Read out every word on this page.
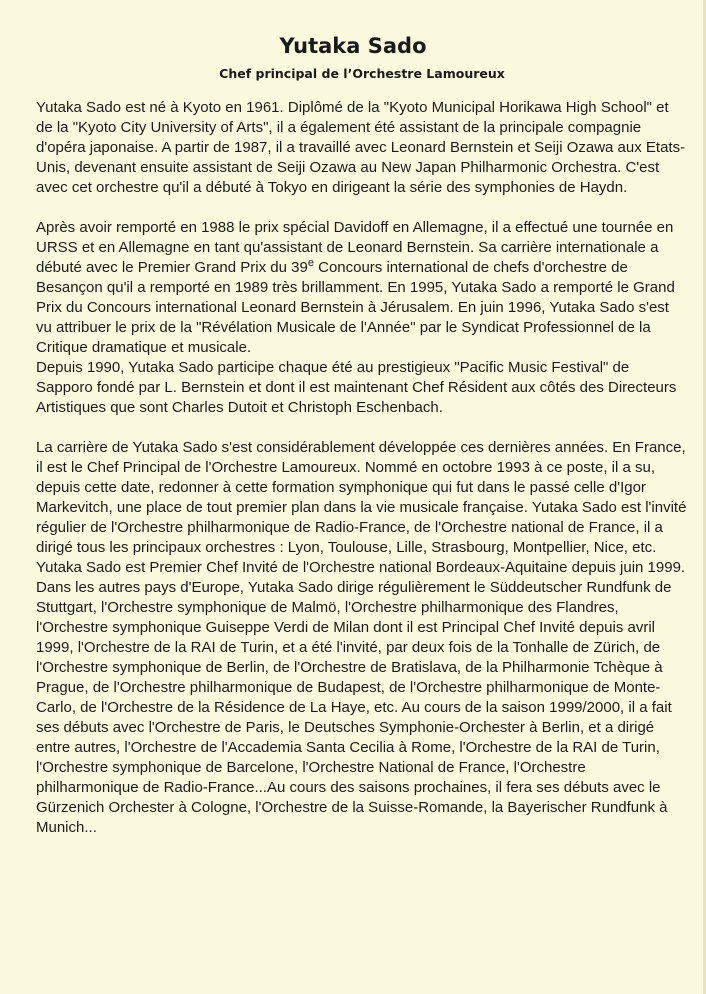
Yutaka Sado
Chef principal de l’Orchestre Lamoureux

Yutaka Sado est né à Kyoto en 1961. Diplômé de la "Kyoto Municipal Horikawa High School" et de la "Kyoto City University of Arts", il a également été assistant de la principale compagnie d'opéra japonaise. A partir de 1987, il a travaillé avec Leonard Bernstein et Seiji Ozawa aux Etats-Unis, devenant ensuite assistant de Seiji Ozawa au New Japan Philharmonic Orchestra. C'est avec cet orchestre qu'il a débuté à Tokyo en dirigeant la série des symphonies de Haydn.

Après avoir remporté en 1988 le prix spécial Davidoff en Allemagne, il a effectué une tournée en URSS et en Allemagne en tant qu'assistant de Leonard Bernstein. Sa carrière internationale a débuté avec le Premier Grand Prix du 39e Concours international de chefs d'orchestre de Besançon qu'il a remporté en 1989 très brillamment. En 1995, Yutaka Sado a remporté le Grand Prix du Concours international Leonard Bernstein à Jérusalem. En juin 1996, Yutaka Sado s'est vu attribuer le prix de la "Révélation Musicale de l'Année" par le Syndicat Professionnel de la Critique dramatique et musicale.

Depuis 1990, Yutaka Sado participe chaque été au prestigieux "Pacific Music Festival" de Sapporo fondé par L. Bernstein et dont il est maintenant Chef Résident aux côtés des Directeurs Artistiques que sont Charles Dutoit et Christoph Eschenbach.

La carrière de Yutaka Sado s'est considérablement développée ces dernières années. En France, il est le Chef Principal de l'Orchestre Lamoureux. Nommé en octobre 1993 à ce poste, il a su, depuis cette date, redonner à cette formation symphonique qui fut dans le passé celle d'Igor Markevitch, une place de tout premier plan dans la vie musicale française. Yutaka Sado est l'invité régulier de l'Orchestre philharmonique de Radio-France, de l'Orchestre national de France, il a dirigé tous les principaux orchestres : Lyon, Toulouse, Lille, Strasbourg, Montpellier, Nice, etc. Yutaka Sado est Premier Chef Invité de l'Orchestre national Bordeaux-Aquitaine depuis juin 1999.

Dans les autres pays d'Europe, Yutaka Sado dirige régulièrement le Süddeutscher Rundfunk de Stuttgart, l'Orchestre symphonique de Malmö, l'Orchestre philharmonique des Flandres, l'Orchestre symphonique Guiseppe Verdi de Milan dont il est Principal Chef Invité depuis avril 1999, l'Orchestre de la RAI de Turin, et a été l'invité, par deux fois de la Tonhalle de Zürich, de l'Orchestre symphonique de Berlin, de l'Orchestre de Bratislava, de la Philharmonie Tchèque à Prague, de l'Orchestre philharmonique de Budapest, de l'Orchestre philharmonique de Monte-Carlo, de l'Orchestre de la Résidence de La Haye, etc. Au cours de la saison 1999/2000, il a fait ses débuts avec l'Orchestre de Paris, le Deutsches Symphonie-Orchester à Berlin, et a dirigé entre autres, l'Orchestre de l'Accademia Santa Cecilia à Rome, l'Orchestre de la RAI de Turin, l'Orchestre symphonique de Barcelone, l'Orchestre National de France, l'Orchestre philharmonique de Radio-France...Au cours des saisons prochaines, il fera ses débuts avec le Gürzenich Orchester à Cologne, l'Orchestre de la Suisse-Romande, la Bayerischer Rundfunk à Munich...
